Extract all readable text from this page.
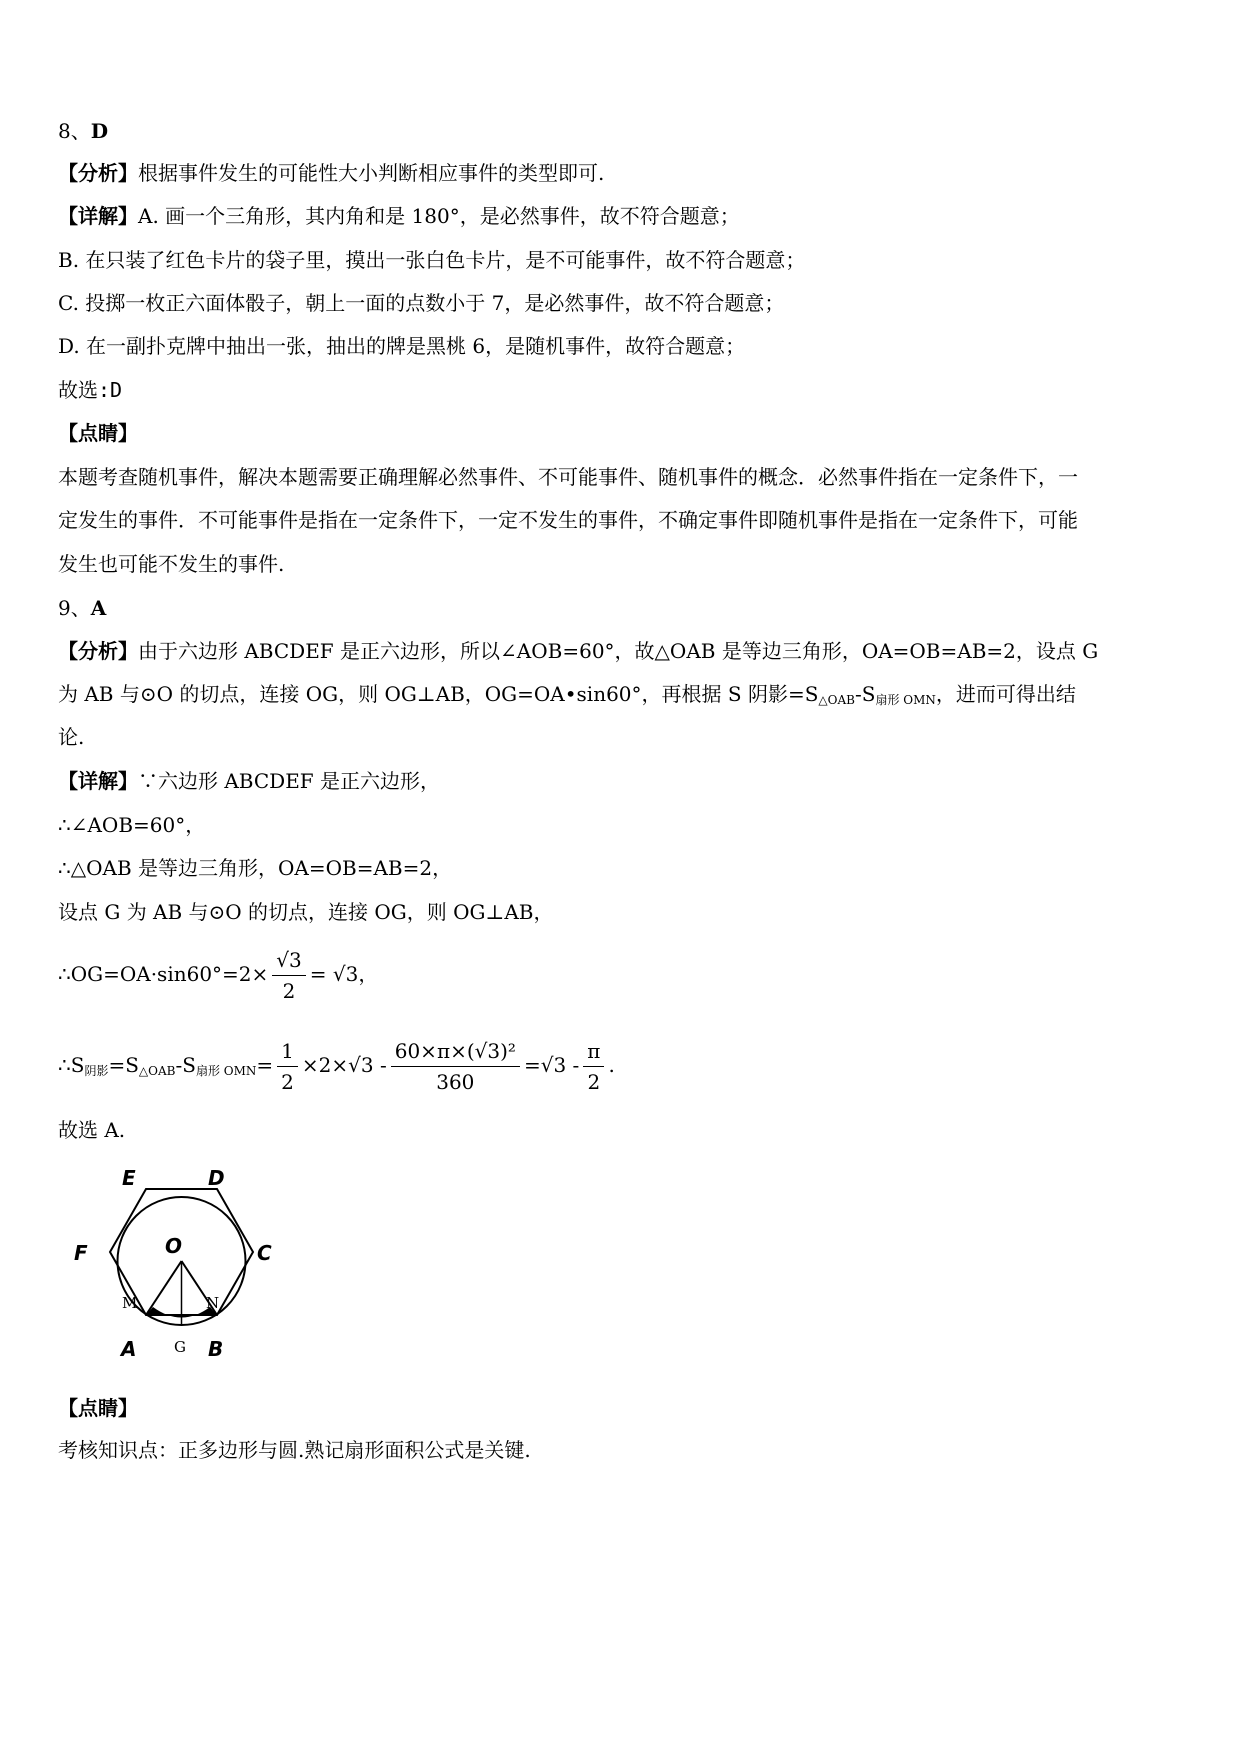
8、D
【分析】根据事件发生的可能性大小判断相应事件的类型即可.
【详解】A. 画一个三角形，其内角和是 180°，是必然事件，故不符合题意；
B. 在只装了红色卡片的袋子里，摸出一张白色卡片，是不可能事件，故不符合题意；
C. 投掷一枚正六面体骰子，朝上一面的点数小于 7，是必然事件，故不符合题意；
D. 在一副扑克牌中抽出一张，抽出的牌是黑桃 6，是随机事件，故符合题意；
故选:D
【点睛】
本题考查随机事件，解决本题需要正确理解必然事件、不可能事件、随机事件的概念．必然事件指在一定条件下，一
定发生的事件．不可能事件是指在一定条件下，一定不发生的事件，不确定事件即随机事件是指在一定条件下，可能
发生也可能不发生的事件.
9、A
【分析】由于六边形 ABCDEF 是正六边形，所以∠AOB=60°，故△OAB 是等边三角形，OA=OB=AB=2，设点 G
为 AB 与⊙O 的切点，连接 OG，则 OG⊥AB，OG=OA•sin60°，再根据 S 阴影$=S_{\triangle OAB}-S_{扇形 OMN}$，进而可得出结
论.
【详解】∵六边形 ABCDEF 是正六边形，
∴∠AOB=60°，
∴△OAB 是等边三角形，OA=OB=AB=2，
设点 G 为 AB 与⊙O 的切点，连接 OG，则 OG⊥AB，
∴OG=OA·sin60°=2× $\frac{√3}{2} = √3$，
$\therefore S_{阴影}=S_{\triangle OAB}-S_{扇形 OMN}= \frac{1}{2} \times 2\times√3 - \frac{\text{60×π×(√3)²}}{360} =√3 - \frac{\pi}{2}$ .
故选 A.
E	D
F	O	C
M	N
G
A	B
【点睛】
考核知识点：正多边形与圆.熟记扇形面积公式是关键.
